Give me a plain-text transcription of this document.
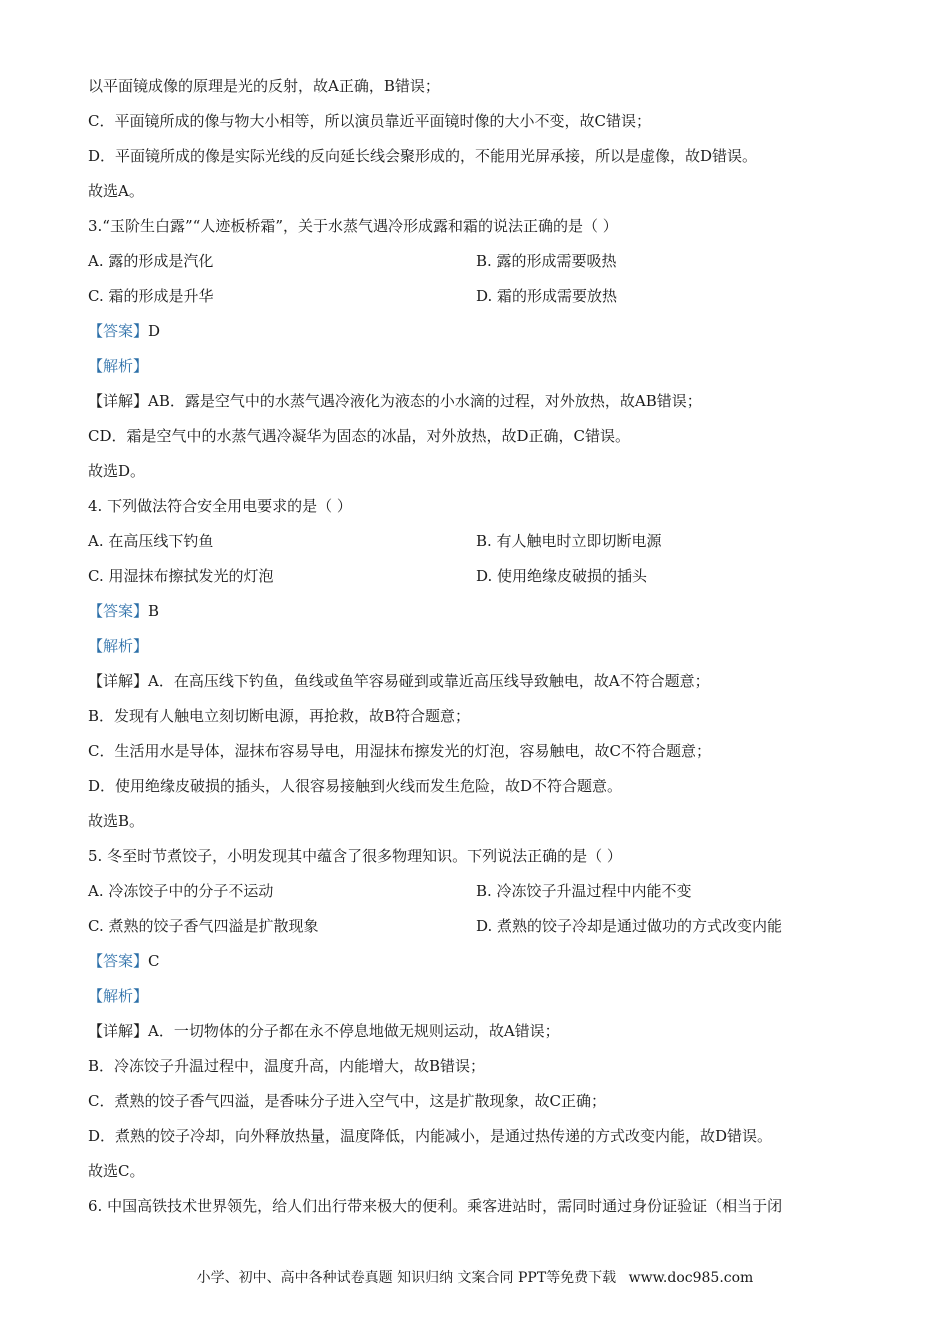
以平面镜成像的原理是光的反射，故A正确，B错误；
C．平面镜所成的像与物大小相等，所以演员靠近平面镜时像的大小不变，故C错误；
D．平面镜所成的像是实际光线的反向延长线会聚形成的，不能用光屏承接，所以是虚像，故D错误。
故选A。
3.“玉阶生白露”“人迹板桥霜”，关于水蒸气遇冷形成露和霜的说法正确的是（ ）
A. 露的形成是汽化	B. 露的形成需要吸热
C. 霜的形成是升华	D. 霜的形成需要放热
【答案】D
【解析】
【详解】AB．露是空气中的水蒸气遇冷液化为液态的小水滴的过程，对外放热，故AB错误；
CD．霜是空气中的水蒸气遇冷凝华为固态的冰晶，对外放热，故D正确，C错误。
故选D。
4. 下列做法符合安全用电要求的是（ ）
A. 在高压线下钓鱼	B. 有人触电时立即切断电源
C. 用湿抹布擦拭发光的灯泡	D. 使用绝缘皮破损的插头
【答案】B
【解析】
【详解】A．在高压线下钓鱼，鱼线或鱼竿容易碰到或靠近高压线导致触电，故A不符合题意；
B．发现有人触电立刻切断电源，再抢救，故B符合题意；
C．生活用水是导体，湿抹布容易导电，用湿抹布擦发光的灯泡，容易触电，故C不符合题意；
D．使用绝缘皮破损的插头，人很容易接触到火线而发生危险，故D不符合题意。
故选B。
5. 冬至时节煮饺子，小明发现其中蕴含了很多物理知识。下列说法正确的是（ ）
A. 冷冻饺子中的分子不运动	B. 冷冻饺子升温过程中内能不变
C. 煮熟的饺子香气四溢是扩散现象	D. 煮熟的饺子冷却是通过做功的方式改变内能
【答案】C
【解析】
【详解】A．一切物体的分子都在永不停息地做无规则运动，故A错误；
B．冷冻饺子升温过程中，温度升高，内能增大，故B错误；
C．煮熟的饺子香气四溢，是香味分子进入空气中，这是扩散现象，故C正确；
D．煮熟的饺子冷却，向外释放热量，温度降低，内能减小，是通过热传递的方式改变内能，故D错误。
故选C。
6. 中国高铁技术世界领先，给人们出行带来极大的便利。乘客进站时，需同时通过身份证验证（相当于闭
小学、初中、高中各种试卷真题 知识归纳 文案合同 PPT等免费下载 www.doc985.com
